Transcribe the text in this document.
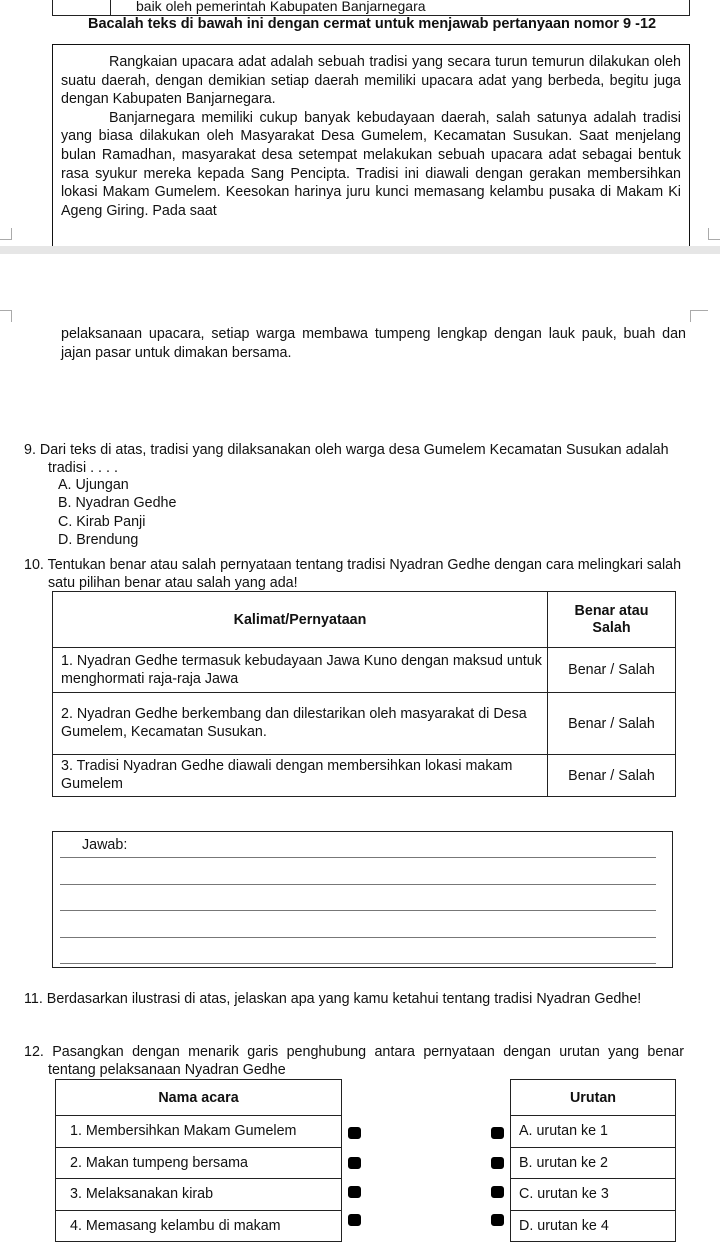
baik oleh pemerintah Kabupaten Banjarnegara
Bacalah teks di bawah ini dengan cermat untuk menjawab pertanyaan nomor 9 -12

Rangkaian upacara adat adalah sebuah tradisi yang secara turun temurun dilakukan oleh suatu daerah, dengan demikian setiap daerah memiliki upacara adat yang berbeda, begitu juga dengan Kabupaten Banjarnegara.

Banjarnegara memiliki cukup banyak kebudayaan daerah, salah satunya adalah tradisi yang biasa dilakukan oleh Masyarakat Desa Gumelem, Kecamatan Susukan. Saat menjelang bulan Ramadhan, masyarakat desa setempat melakukan sebuah upacara adat sebagai bentuk rasa syukur mereka kepada Sang Pencipta. Tradisi ini diawali dengan gerakan membersihkan lokasi Makam Gumelem. Keesokan harinya juru kunci memasang kelambu pusaka di Makam Ki Ageng Giring. Pada saat

pelaksanaan upacara, setiap warga membawa tumpeng lengkap dengan lauk pauk, buah dan jajan pasar untuk dimakan bersama.
9. Dari teks di atas, tradisi yang dilaksanakan oleh warga desa Gumelem Kecamatan Susukan adalah tradisi . . . .
A. Ujungan
B. Nyadran Gedhe
C. Kirab Panji
D. Brendung
10. Tentukan benar atau salah pernyataan tentang tradisi Nyadran Gedhe dengan cara melingkari salah satu pilihan benar atau salah yang ada!
Kalimat/Pernyataan	Benar atau Salah
1. Nyadran Gedhe termasuk kebudayaan Jawa Kuno dengan maksud untuk menghormati raja-raja Jawa	Benar / Salah
2. Nyadran Gedhe berkembang dan dilestarikan oleh masyarakat di Desa Gumelem, Kecamatan Susukan.	Benar / Salah
3. Tradisi Nyadran Gedhe diawali dengan membersihkan lokasi makam Gumelem	Benar / Salah
Jawab:
11. Berdasarkan ilustrasi di atas, jelaskan apa yang kamu ketahui tentang tradisi Nyadran Gedhe!
12. Pasangkan dengan menarik garis penghubung antara pernyataan dengan urutan yang benar tentang pelaksanaan Nyadran Gedhe
Nama acara
1. Membersihkan Makam Gumelem
2. Makan tumpeng bersama
3. Melaksanakan kirab
4. Memasang kelambu di makam
Urutan
A. urutan ke 1
B. urutan ke 2
C. urutan ke 3
D. urutan ke 4
